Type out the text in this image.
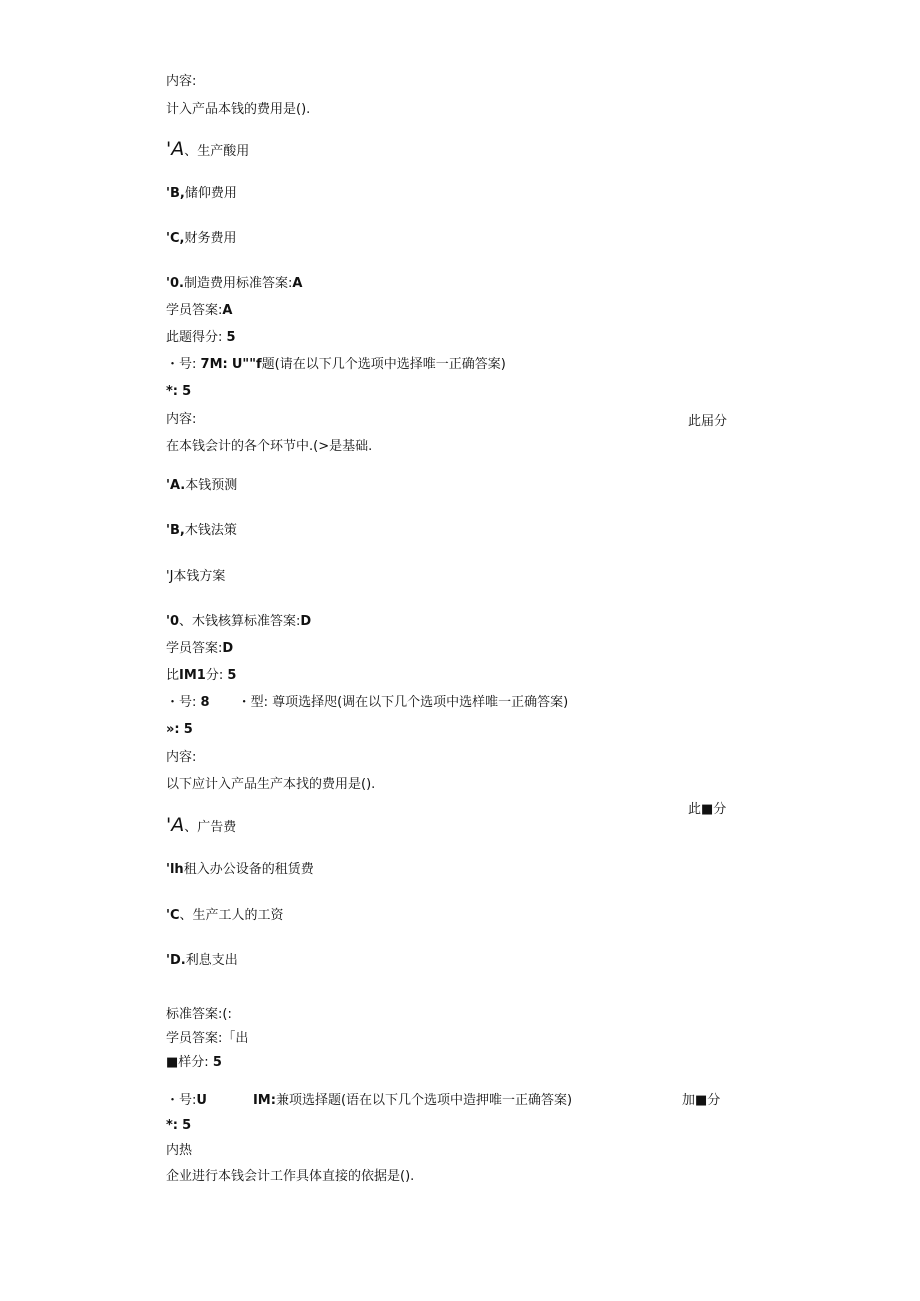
内容:
计入产品本钱的费用是().
'A、生产酸用
'B,储仰费用
'C,财务费用
'0.制造费用标准答案:A
学员答案:A
此题得分: 5
・号: 7M: U""f题(请在以下几个选项中选择唯一正确答案)
*: 5
内容:	此届分
在本钱会计的各个环节中.(>是基础.
'A.本钱预测
'B,木钱法策
'J本钱方案
'0、木钱核算标准答案:D
学员答案:D
比IM1分: 5
・号: 8 ・型: 尊项选择咫(调在以下几个选项中选样唯一正确答案)
»: 5
内容:
以下应计入产品生产本找的费用是().
此■分
'A、广告费
'lh租入办公设备的租赁费
'C、生产工人的工资
'D.利息支出
标准答案:(:
学员答案:「出
■样分: 5
・号:U	IM:兼项选择题(语在以下几个选项中造押唯一正确答案)	加■分
*: 5
内热
企业进行本钱会计工作具体直接的依据是().
